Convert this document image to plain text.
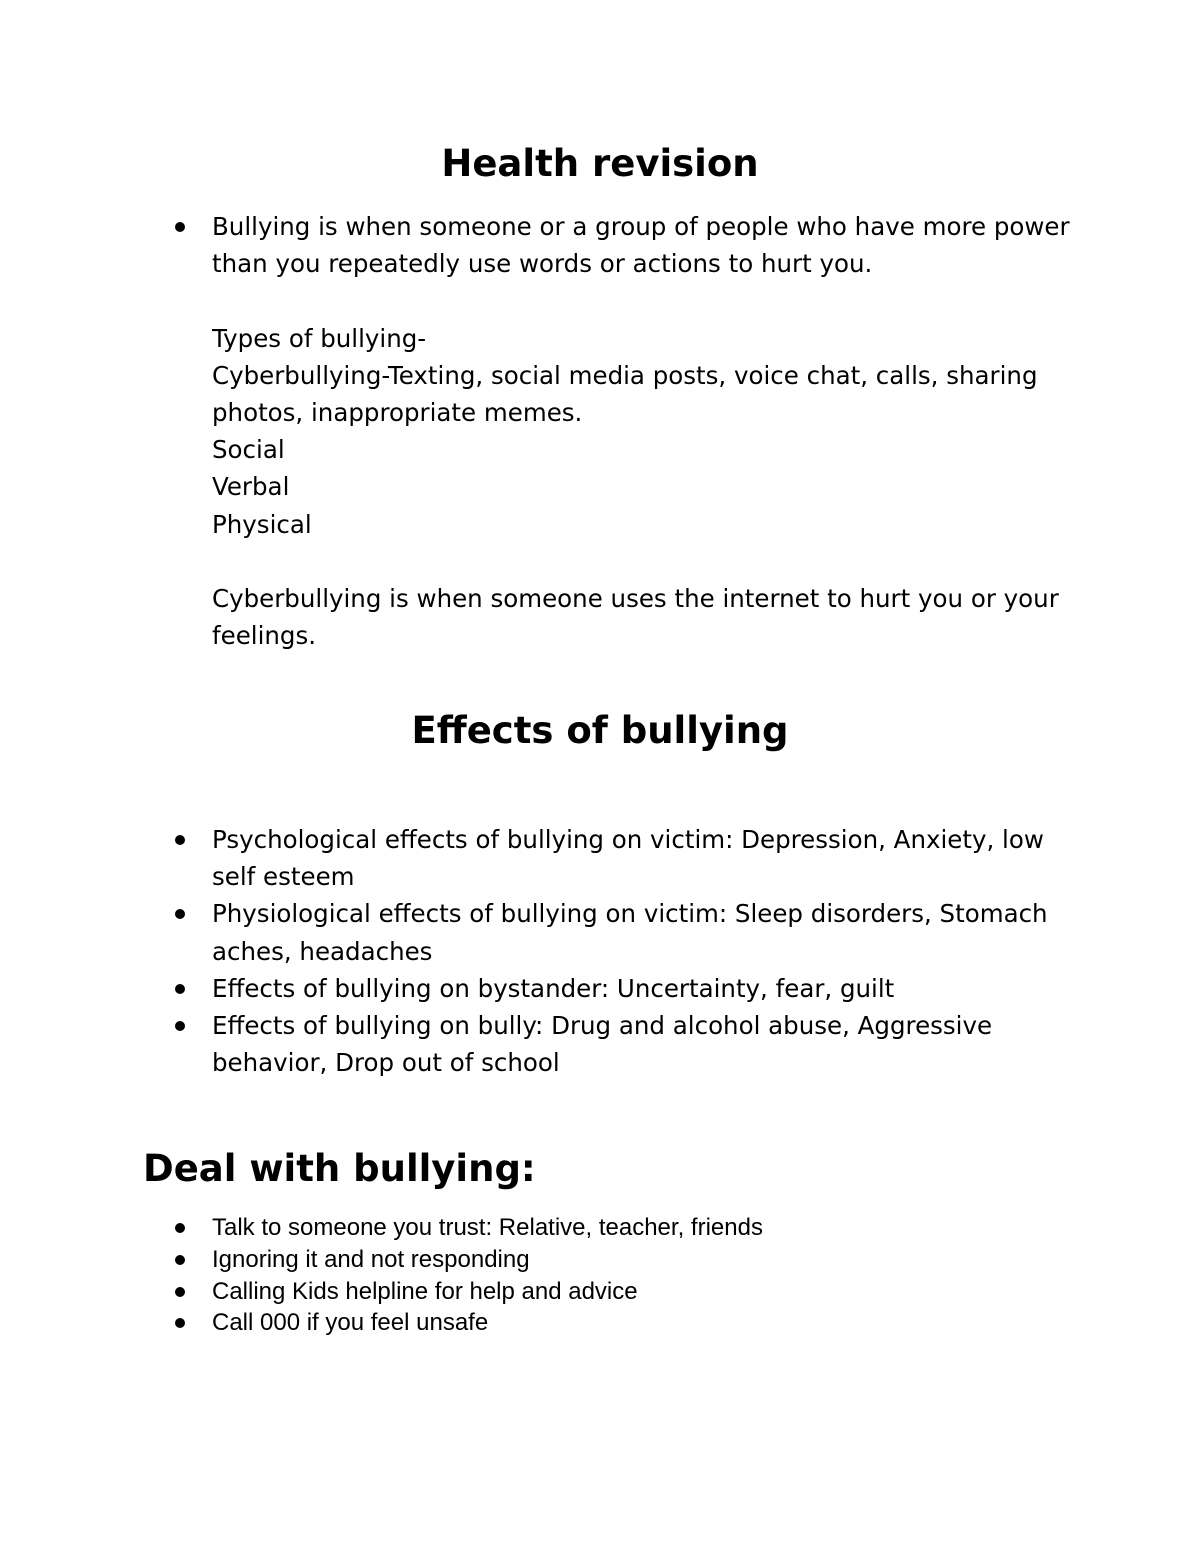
Health revision
Bullying is when someone or a group of people who have more power than you repeatedly use words or actions to hurt you.
Types of bullying-
Cyberbullying-Texting, social media posts, voice chat, calls, sharing photos, inappropriate memes.
Social
Verbal
Physical
Cyberbullying is when someone uses the internet to hurt you or your feelings.
Effects of bullying
Psychological effects of bullying on victim: Depression, Anxiety, low self esteem
Physiological effects of bullying on victim: Sleep disorders, Stomach aches, headaches
Effects of bullying on bystander: Uncertainty, fear, guilt
Effects of bullying on bully: Drug and alcohol abuse, Aggressive behavior, Drop out of school
Deal with bullying:
Talk to someone you trust: Relative, teacher, friends
Ignoring it and not responding
Calling Kids helpline for help and advice
Call 000 if you feel unsafe
